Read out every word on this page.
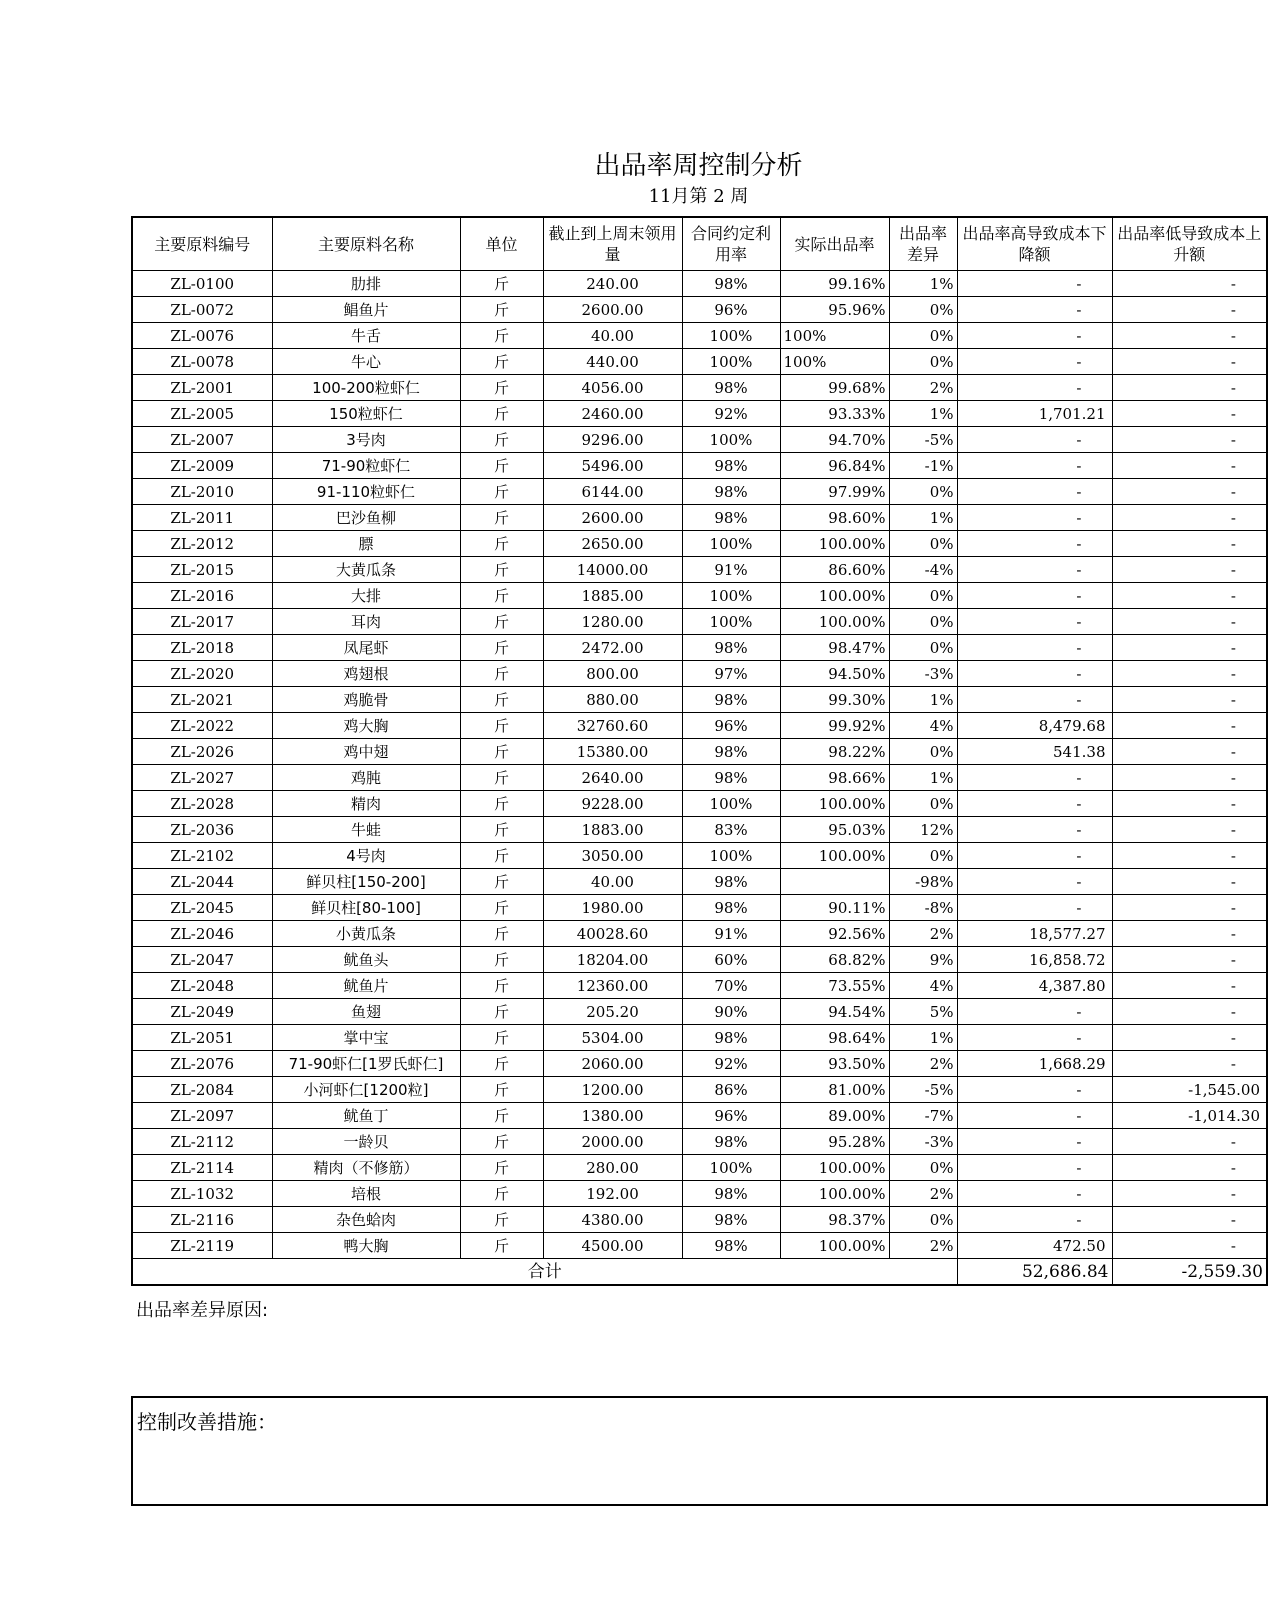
出品率周控制分析
11月第 2 周
主要原料编号	主要原料名称	单位	截止到上周末领用量	合同约定利用率	实际出品率	出品率差异	出品率高导致成本下降额	出品率低导致成本上升额
ZL-0100	肋排	斤	240.00	98%	99.16%	1%	-	-
ZL-0072	鲳鱼片	斤	2600.00	96%	95.96%	0%	-	-
ZL-0076	牛舌	斤	40.00	100%	100%	0%	-	-
ZL-0078	牛心	斤	440.00	100%	100%	0%	-	-
ZL-2001	100-200粒虾仁	斤	4056.00	98%	99.68%	2%	-	-
ZL-2005	150粒虾仁	斤	2460.00	92%	93.33%	1%	1,701.21	-
ZL-2007	3号肉	斤	9296.00	100%	94.70%	-5%	-	-
ZL-2009	71-90粒虾仁	斤	5496.00	98%	96.84%	-1%	-	-
ZL-2010	91-110粒虾仁	斤	6144.00	98%	97.99%	0%	-	-
ZL-2011	巴沙鱼柳	斤	2600.00	98%	98.60%	1%	-	-
ZL-2012	膘	斤	2650.00	100%	100.00%	0%	-	-
ZL-2015	大黄瓜条	斤	14000.00	91%	86.60%	-4%	-	-
ZL-2016	大排	斤	1885.00	100%	100.00%	0%	-	-
ZL-2017	耳肉	斤	1280.00	100%	100.00%	0%	-	-
ZL-2018	凤尾虾	斤	2472.00	98%	98.47%	0%	-	-
ZL-2020	鸡翅根	斤	800.00	97%	94.50%	-3%	-	-
ZL-2021	鸡脆骨	斤	880.00	98%	99.30%	1%	-	-
ZL-2022	鸡大胸	斤	32760.60	96%	99.92%	4%	8,479.68	-
ZL-2026	鸡中翅	斤	15380.00	98%	98.22%	0%	541.38	-
ZL-2027	鸡肫	斤	2640.00	98%	98.66%	1%	-	-
ZL-2028	精肉	斤	9228.00	100%	100.00%	0%	-	-
ZL-2036	牛蛙	斤	1883.00	83%	95.03%	12%	-	-
ZL-2102	4号肉	斤	3050.00	100%	100.00%	0%	-	-
ZL-2044	鲜贝柱[150-200]	斤	40.00	98%		-98%	-	-
ZL-2045	鲜贝柱[80-100]	斤	1980.00	98%	90.11%	-8%	-	-
ZL-2046	小黄瓜条	斤	40028.60	91%	92.56%	2%	18,577.27	-
ZL-2047	鱿鱼头	斤	18204.00	60%	68.82%	9%	16,858.72	-
ZL-2048	鱿鱼片	斤	12360.00	70%	73.55%	4%	4,387.80	-
ZL-2049	鱼翅	斤	205.20	90%	94.54%	5%	-	-
ZL-2051	掌中宝	斤	5304.00	98%	98.64%	1%	-	-
ZL-2076	71-90虾仁[1罗氏虾仁]	斤	2060.00	92%	93.50%	2%	1,668.29	-
ZL-2084	小河虾仁[1200粒]	斤	1200.00	86%	81.00%	-5%	-	-1,545.00
ZL-2097	鱿鱼丁	斤	1380.00	96%	89.00%	-7%	-	-1,014.30
ZL-2112	一龄贝	斤	2000.00	98%	95.28%	-3%	-	-
ZL-2114	精肉（不修筋）	斤	280.00	100%	100.00%	0%	-	-
ZL-1032	培根	斤	192.00	98%	100.00%	2%	-	-
ZL-2116	杂色蛤肉	斤	4380.00	98%	98.37%	0%	-	-
ZL-2119	鸭大胸	斤	4500.00	98%	100.00%	2%	472.50	-
合计							52,686.84	-2,559.30
出品率差异原因:
控制改善措施：
